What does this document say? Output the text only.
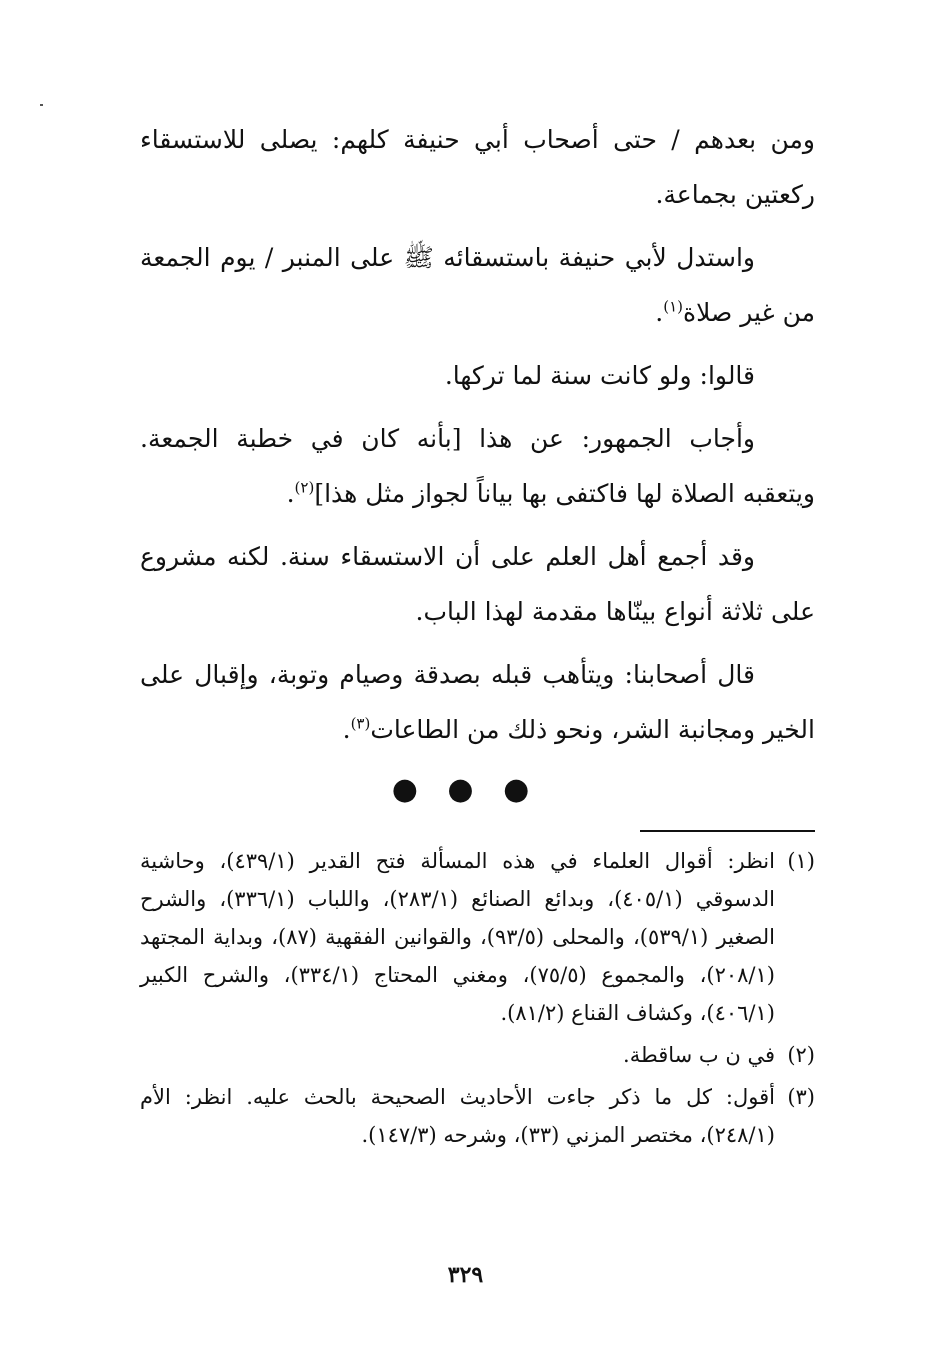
ومن بعدهم / حتى أصحاب أبي حنيفة كلهم: يصلى للاستسقاء ركعتين بجماعة.

واستدل لأبي حنيفة باستسقائه ﷺ على المنبر / يوم الجمعة من غير صلاة$^{(١)}$.

قالوا: ولو كانت سنة لما تركها.

وأجاب الجمهور: عن هذا [بأنه كان في خطبة الجمعة. ويتعقبه الصلاة لها فاكتفى بها بياناً لجواز مثل هذا]$^{(٢)}$.

وقد أجمع أهل العلم على أن الاستسقاء سنة. لكنه مشروع على ثلاثة أنواع بينّاها مقدمة لهذا الباب.

قال أصحابنا: ويتأهب قبله بصدقة وصيام وتوبة، وإقبال على الخير ومجانبة الشر، ونحو ذلك من الطاعات$^{(٣)}$.

● ● ●
(١)
انظر: أقوال العلماء في هذه المسألة فتح القدير (٤٣٩/١)، وحاشية الدسوقي (٤٠٥/١)، وبدائع الصنائع (٢٨٣/١)، واللباب (٣٣٦/١)، والشرح الصغير (٥٣٩/١)، والمحلى (٩٣/٥)، والقوانين الفقهية (٨٧)، وبداية المجتهد (٢٠٨/١)، والمجموع (٧٥/٥)، ومغني المحتاج (٣٣٤/١)، والشرح الكبير (٤٠٦/١)، وكشاف القناع (٨١/٢).
(٢)
في ن ب ساقطة.
(٣)
أقول: كل ما ذكر جاءت الأحاديث الصحيحة بالحث عليه. انظر: الأم (٢٤٨/١)، مختصر المزني (٣٣)، وشرحه (١٤٧/٣).
٣٢٩
